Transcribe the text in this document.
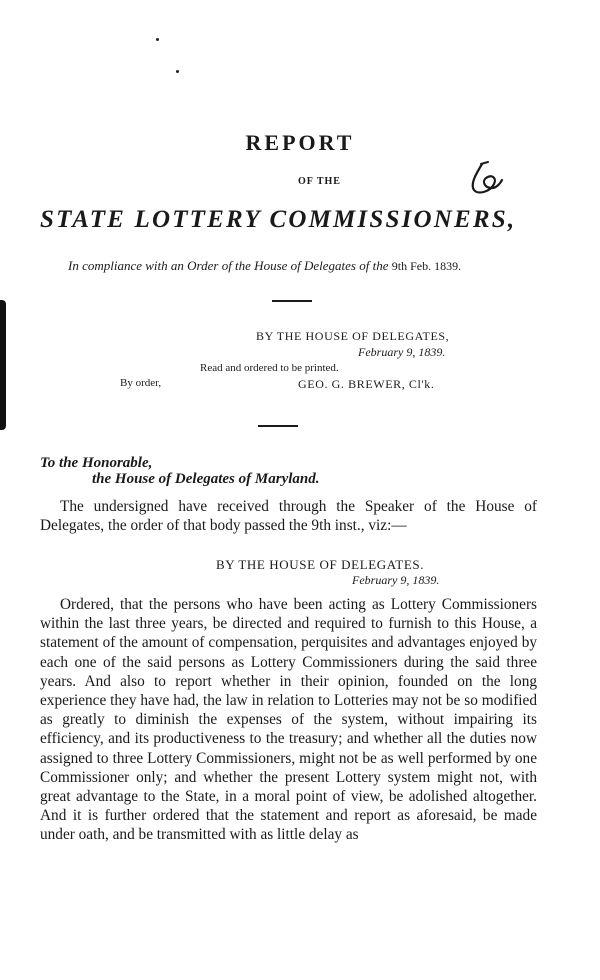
REPORT
OF THE
STATE LOTTERY COMMISSIONERS,
In compliance with an Order of the House of Delegates of the 9th Feb. 1839.
BY THE HOUSE OF DELEGATES,
February 9, 1839.
Read and ordered to be printed.
By order,	GEO. G. BREWER, Cl'k.
To the Honorable,
the House of Delegates of Maryland.
The undersigned have received through the Speaker of the House of Delegates, the order of that body passed the 9th inst., viz:—
BY THE HOUSE OF DELEGATES.
February 9, 1839.
Ordered, that the persons who have been acting as Lottery Commissioners within the last three years, be directed and required to furnish to this House, a statement of the amount of compensation, perquisites and advantages enjoyed by each one of the said persons as Lottery Commissioners during the said three years. And also to report whether in their opinion, founded on the long experience they have had, the law in relation to Lotteries may not be so modified as greatly to diminish the expenses of the system, without impairing its efficiency, and its productiveness to the treasury; and whether all the duties now assigned to three Lottery Commissioners, might not be as well performed by one Commissioner only; and whether the present Lottery system might not, with great advantage to the State, in a moral point of view, be adolished altogether. And it is further ordered that the statement and report as aforesaid, be made under oath, and be transmitted with as little delay as
